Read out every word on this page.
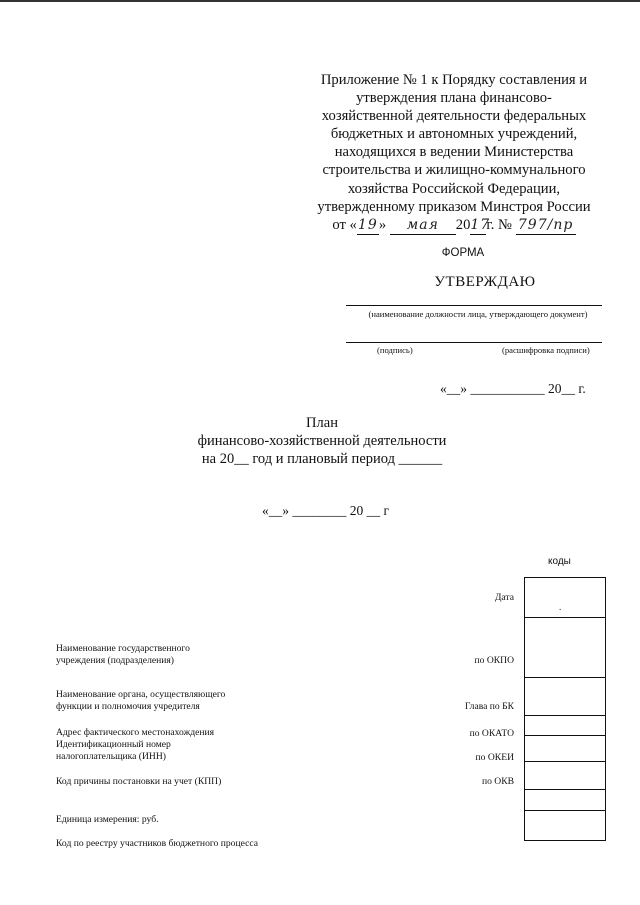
Приложение № 1 к Порядку составления и
утверждения плана финансово-
хозяйственной деятельности федеральных
бюджетных и автономных учреждений,
находящихся в ведении Министерства
строительства и жилищно-коммунального
хозяйства Российской Федерации,
утвержденному приказом Минстроя России
от «19» мая 2017г. № 797/пр
ФОРМА
УТВЕРЖДАЮ
(наименование должности лица, утверждающего документ)
(подпись)	(расшифровка подписи)
«__» ___________ 20__ г.
План
финансово-хозяйственной деятельности
на 20__ год и плановый период ______
«__» ________ 20 __ г
коды
.
Дата
по ОКПО
Глава по БК
по ОКАТО
по ОКЕИ
по ОКВ
Наименование государственного
учреждения (подразделения)
Наименование органа, осуществляющего
функции и полномочия учредителя
Адрес фактического местонахождения
Идентификационный номер
налогоплательщика (ИНН)
Код причины постановки на учет (КПП)
Единица измерения: руб.
Код по реестру участников бюджетного процесса
